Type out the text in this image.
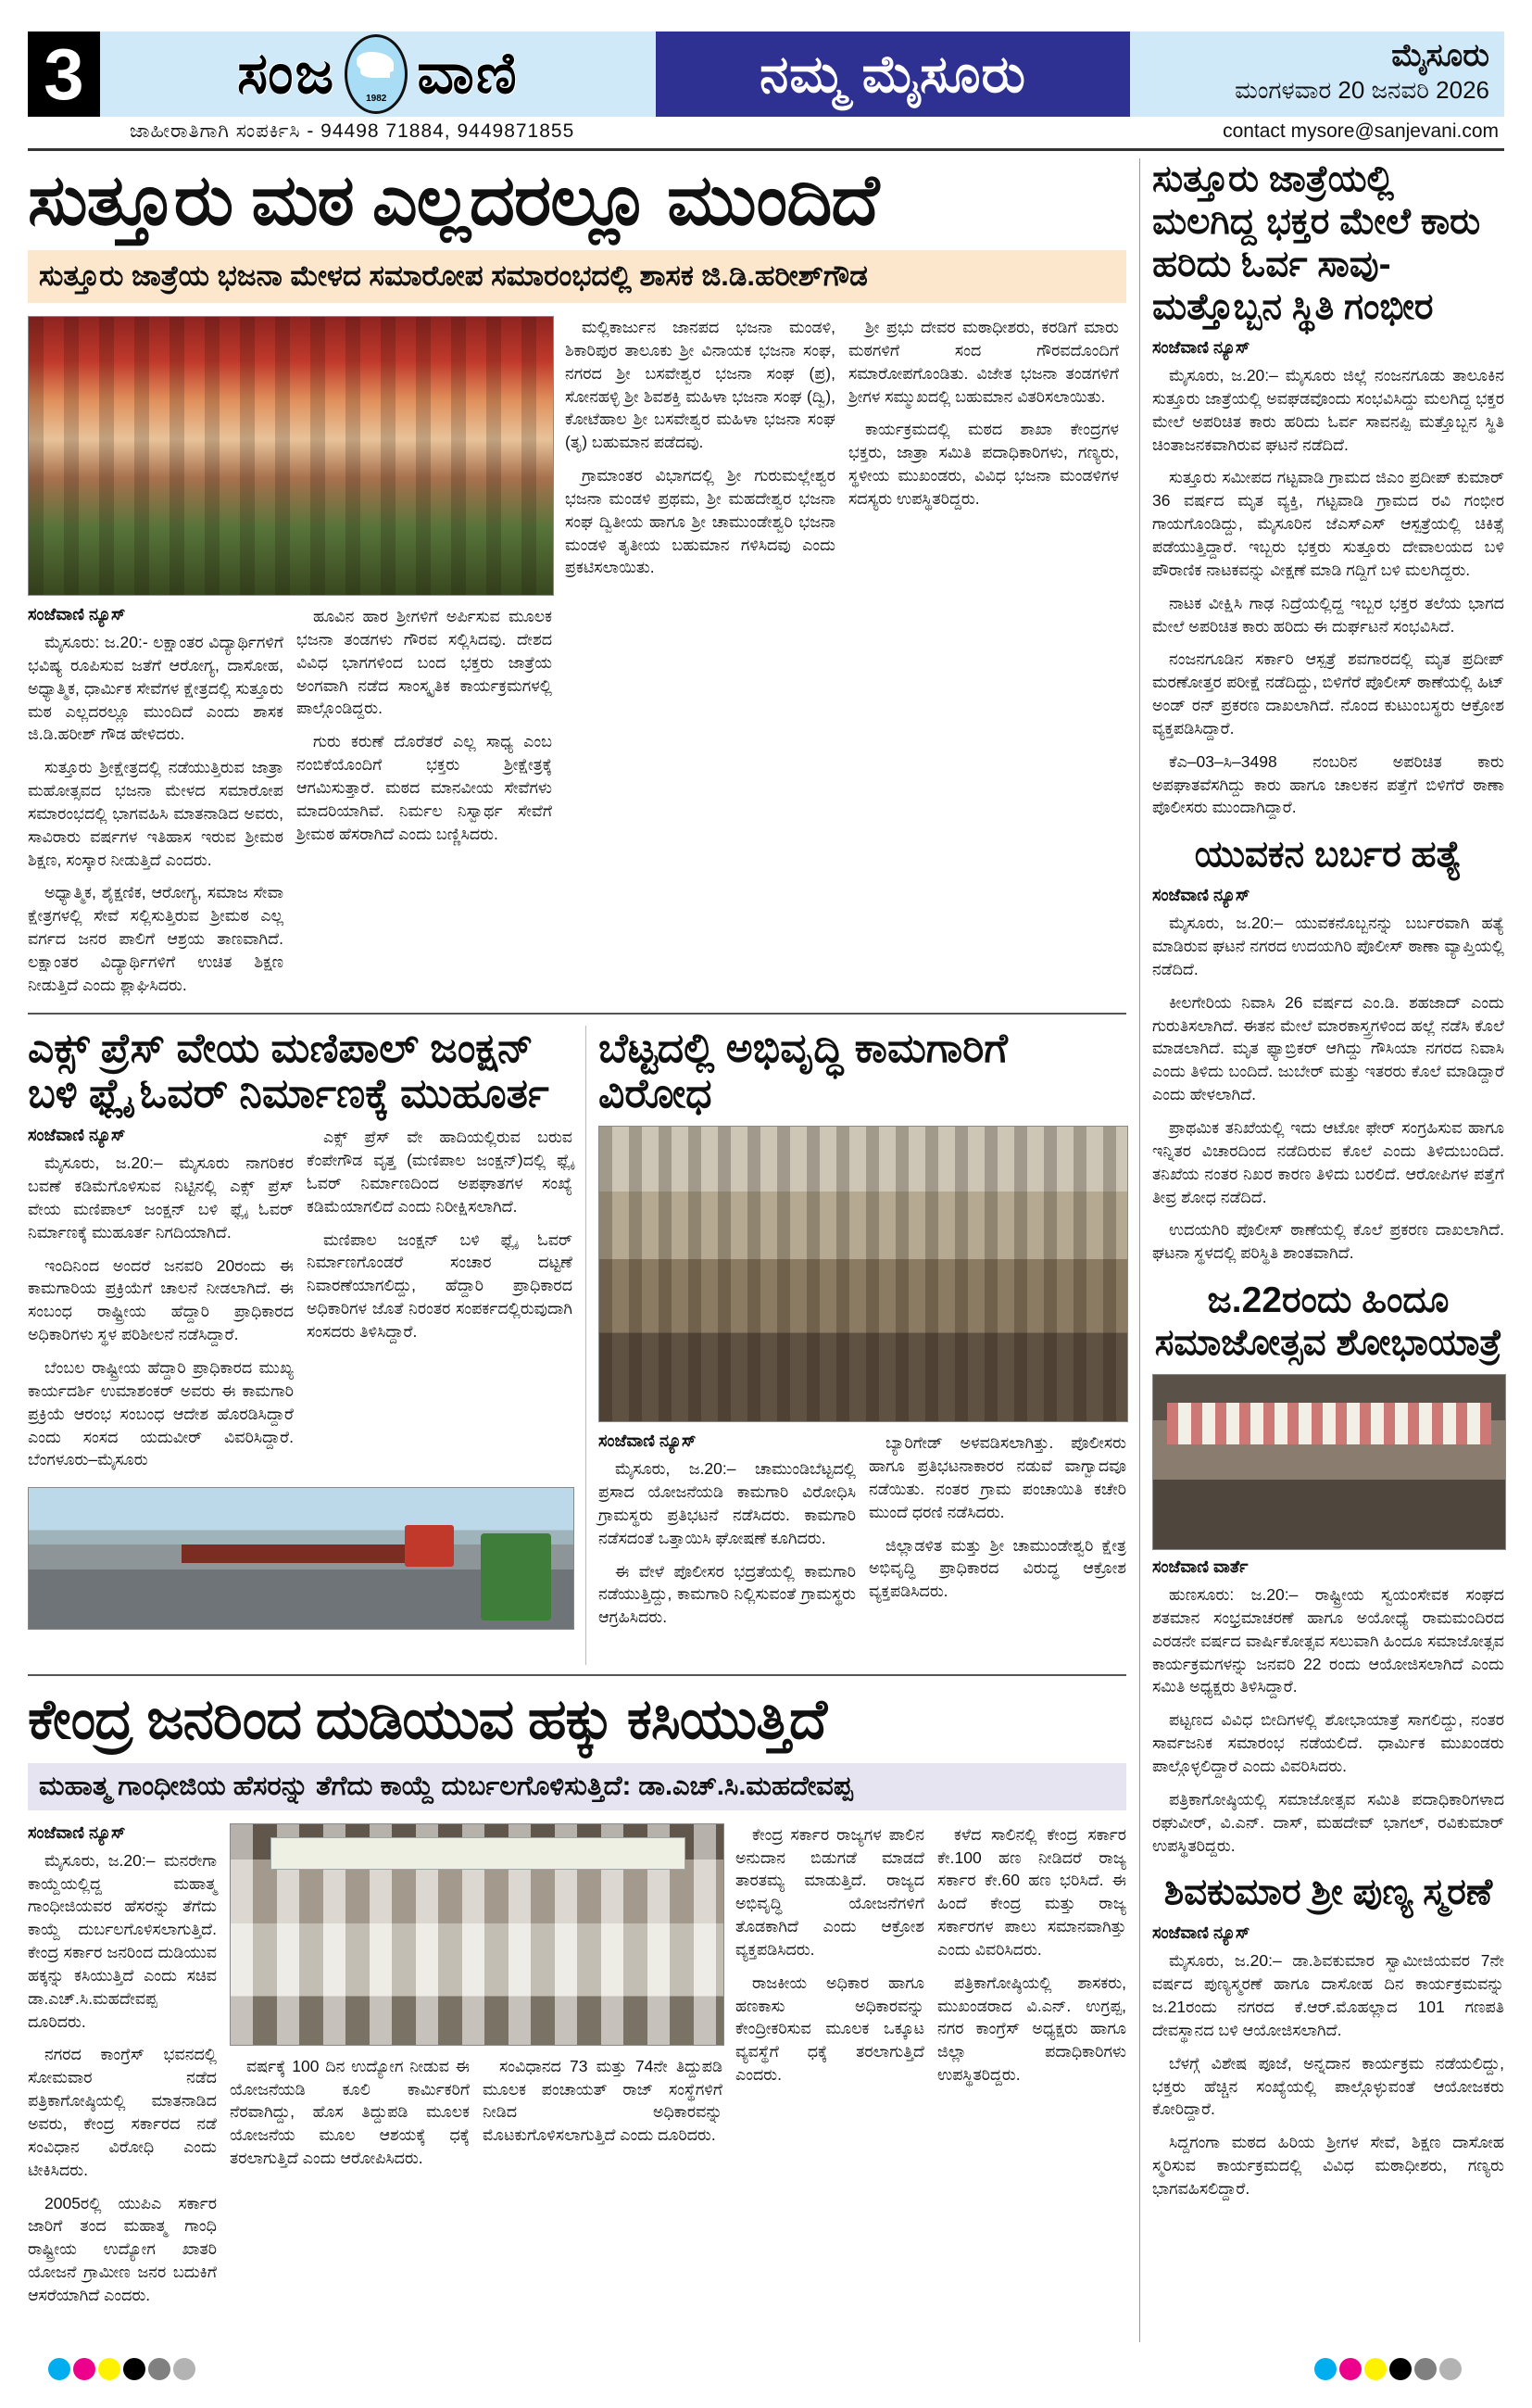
3	ಸಂಜ	1982 ವಾಣಿ	ನಮ್ಮ ಮೈಸೂರು	ಮೈಸೂರು
ಮಂಗಳವಾರ 20 ಜನವರಿ 2026
ಜಾಹೀರಾತಿಗಾಗಿ ಸಂಪರ್ಕಿಸಿ - 94498 71884, 9449871855	contact mysore@sanjevani.com
ಸುತ್ತೂರು ಮಠ ಎಲ್ಲದರಲ್ಲೂ ಮುಂದಿದೆ
ಸುತ್ತೂರು ಜಾತ್ರೆಯ ಭಜನಾ ಮೇಳದ ಸಮಾರೋಪ ಸಮಾರಂಭದಲ್ಲಿ ಶಾಸಕ ಜಿ.ಡಿ.ಹರೀಶ್‌ಗೌಡ
ಸಂಜೆವಾಣಿ ನ್ಯೂಸ್

ಮೈಸೂರು: ಜ.20:- ಲಕ್ಷಾಂತರ ವಿದ್ಯಾರ್ಥಿಗಳಿಗೆ ಭವಿಷ್ಯ ರೂಪಿಸುವ ಜತೆಗೆ ಆರೋಗ್ಯ, ದಾಸೋಹ, ಅಧ್ಯಾತ್ಮಿಕ, ಧಾರ್ಮಿಕ ಸೇವೆಗಳ ಕ್ಷೇತ್ರದಲ್ಲಿ ಸುತ್ತೂರು ಮಠ ಎಲ್ಲದರಲ್ಲೂ ಮುಂದಿದೆ ಎಂದು ಶಾಸಕ ಜಿ.ಡಿ.ಹರೀಶ್ ಗೌಡ ಹೇಳಿದರು.

ಸುತ್ತೂರು ಶ್ರೀಕ್ಷೇತ್ರದಲ್ಲಿ ನಡೆಯುತ್ತಿರುವ ಜಾತ್ರಾ ಮಹೋತ್ಸವದ ಭಜನಾ ಮೇಳದ ಸಮಾರೋಪ ಸಮಾರಂಭದಲ್ಲಿ ಭಾಗವಹಿಸಿ ಮಾತನಾಡಿದ ಅವರು, ಸಾವಿರಾರು ವರ್ಷಗಳ ಇತಿಹಾಸ ಇರುವ ಶ್ರೀಮಠ ಶಿಕ್ಷಣ, ಸಂಸ್ಕಾರ ನೀಡುತ್ತಿದೆ ಎಂದರು.

ಅಧ್ಯಾತ್ಮಿಕ, ಶೈಕ್ಷಣಿಕ, ಆರೋಗ್ಯ, ಸಮಾಜ ಸೇವಾ ಕ್ಷೇತ್ರಗಳಲ್ಲಿ ಸೇವೆ ಸಲ್ಲಿಸುತ್ತಿರುವ ಶ್ರೀಮಠ ಎಲ್ಲ ವರ್ಗದ ಜನರ ಪಾಲಿಗೆ ಆಶ್ರಯ ತಾಣವಾಗಿದೆ. ಲಕ್ಷಾಂತರ ವಿದ್ಯಾರ್ಥಿಗಳಿಗೆ ಉಚಿತ ಶಿಕ್ಷಣ ನೀಡುತ್ತಿದೆ ಎಂದು ಶ್ಲಾಘಿಸಿದರು.

ಹೂವಿನ ಹಾರ ಶ್ರೀಗಳಿಗೆ ಅರ್ಪಿಸುವ ಮೂಲಕ ಭಜನಾ ತಂಡಗಳು ಗೌರವ ಸಲ್ಲಿಸಿದವು. ದೇಶದ ವಿವಿಧ ಭಾಗಗಳಿಂದ ಬಂದ ಭಕ್ತರು ಜಾತ್ರೆಯ ಅಂಗವಾಗಿ ನಡೆದ ಸಾಂಸ್ಕೃತಿಕ ಕಾರ್ಯಕ್ರಮಗಳಲ್ಲಿ ಪಾಲ್ಗೊಂಡಿದ್ದರು.

ಗುರು ಕರುಣೆ ದೊರೆತರೆ ಎಲ್ಲ ಸಾಧ್ಯ ಎಂಬ ನಂಬಿಕೆಯೊಂದಿಗೆ ಭಕ್ತರು ಶ್ರೀಕ್ಷೇತ್ರಕ್ಕೆ ಆಗಮಿಸುತ್ತಾರೆ. ಮಠದ ಮಾನವೀಯ ಸೇವೆಗಳು ಮಾದರಿಯಾಗಿವೆ. ನಿರ್ಮಲ ನಿಸ್ವಾರ್ಥ ಸೇವೆಗೆ ಶ್ರೀಮಠ ಹೆಸರಾಗಿದೆ ಎಂದು ಬಣ್ಣಿಸಿದರು.

ಮಲ್ಲಿಕಾರ್ಜುನ ಜಾನಪದ ಭಜನಾ ಮಂಡಳಿ, ಶಿಕಾರಿಪುರ ತಾಲೂಕು ಶ್ರೀ ವಿನಾಯಕ ಭಜನಾ ಸಂಘ, ನಗರದ ಶ್ರೀ ಬಸವೇಶ್ವರ ಭಜನಾ ಸಂಘ (ಪ್ರ), ಸೋನಹಳ್ಳಿ ಶ್ರೀ ಶಿವಶಕ್ತಿ ಮಹಿಳಾ ಭಜನಾ ಸಂಘ (ದ್ವಿ), ಕೋಟೆಹಾಲ ಶ್ರೀ ಬಸವೇಶ್ವರ ಮಹಿಳಾ ಭಜನಾ ಸಂಘ (ತೃ) ಬಹುಮಾನ ಪಡೆದವು.

ಗ್ರಾಮಾಂತರ ವಿಭಾಗದಲ್ಲಿ ಶ್ರೀ ಗುರುಮಲ್ಲೇಶ್ವರ ಭಜನಾ ಮಂಡಳಿ ಪ್ರಥಮ, ಶ್ರೀ ಮಹದೇಶ್ವರ ಭಜನಾ ಸಂಘ ದ್ವಿತೀಯ ಹಾಗೂ ಶ್ರೀ ಚಾಮುಂಡೇಶ್ವರಿ ಭಜನಾ ಮಂಡಳಿ ತೃತೀಯ ಬಹುಮಾನ ಗಳಿಸಿದವು ಎಂದು ಪ್ರಕಟಿಸಲಾಯಿತು.

ಶ್ರೀ ಪ್ರಭು ದೇವರ ಮಠಾಧೀಶರು, ಕರಡಿಗೆ ಮಾರು ಮಠಗಳಿಗೆ ಸಂದ ಗೌರವದೊಂದಿಗೆ ಸಮಾರೋಪಗೊಂಡಿತು. ವಿಜೇತ ಭಜನಾ ತಂಡಗಳಿಗೆ ಶ್ರೀಗಳ ಸಮ್ಮುಖದಲ್ಲಿ ಬಹುಮಾನ ವಿತರಿಸಲಾಯಿತು.

ಕಾರ್ಯಕ್ರಮದಲ್ಲಿ ಮಠದ ಶಾಖಾ ಕೇಂದ್ರಗಳ ಭಕ್ತರು, ಜಾತ್ರಾ ಸಮಿತಿ ಪದಾಧಿಕಾರಿಗಳು, ಗಣ್ಯರು, ಸ್ಥಳೀಯ ಮುಖಂಡರು, ವಿವಿಧ ಭಜನಾ ಮಂಡಳಿಗಳ ಸದಸ್ಯರು ಉಪಸ್ಥಿತರಿದ್ದರು.

ಎಕ್ಸ್ ಪ್ರೆಸ್ ವೇಯ ಮಣಿಪಾಲ್ ಜಂಕ್ಷನ್ ಬಳಿ ಫ್ಲೈ ಓವರ್ ನಿರ್ಮಾಣಕ್ಕೆ ಮುಹೂರ್ತ
ಸಂಜೆವಾಣಿ ನ್ಯೂಸ್

ಮೈಸೂರು, ಜ.20:– ಮೈಸೂರು ನಾಗರಿಕರ ಬವಣೆ ಕಡಿಮೆಗೊಳಿಸುವ ನಿಟ್ಟಿನಲ್ಲಿ ಎಕ್ಸ್ ಪ್ರೆಸ್ ವೇಯ ಮಣಿಪಾಲ್ ಜಂಕ್ಷನ್ ಬಳಿ ಫ್ಲೈ ಓವರ್ ನಿರ್ಮಾಣಕ್ಕೆ ಮುಹೂರ್ತ ನಿಗದಿಯಾಗಿದೆ.

ಇಂದಿನಿಂದ ಅಂದರೆ ಜನವರಿ 20ರಂದು ಈ ಕಾಮಗಾರಿಯ ಪ್ರಕ್ರಿಯೆಗೆ ಚಾಲನೆ ನೀಡಲಾಗಿದೆ. ಈ ಸಂಬಂಧ ರಾಷ್ಟ್ರೀಯ ಹೆದ್ದಾರಿ ಪ್ರಾಧಿಕಾರದ ಅಧಿಕಾರಿಗಳು ಸ್ಥಳ ಪರಿಶೀಲನೆ ನಡೆಸಿದ್ದಾರೆ.

ಬೆಂಬಲ ರಾಷ್ಟ್ರೀಯ ಹೆದ್ದಾರಿ ಪ್ರಾಧಿಕಾರದ ಮುಖ್ಯ ಕಾರ್ಯದರ್ಶಿ ಉಮಾಶಂಕರ್ ಅವರು ಈ ಕಾಮಗಾರಿ ಪ್ರಕ್ರಿಯೆ ಆರಂಭ ಸಂಬಂಧ ಆದೇಶ ಹೊರಡಿಸಿದ್ದಾರೆ ಎಂದು ಸಂಸದ ಯದುವೀರ್ ವಿವರಿಸಿದ್ದಾರೆ. ಬೆಂಗಳೂರು–ಮೈಸೂರು

ಎಕ್ಸ್ ಪ್ರೆಸ್ ವೇ ಹಾದಿಯಲ್ಲಿರುವ ಬರುವ ಕೆಂಪೇಗೌಡ ವೃತ್ತ (ಮಣಿಪಾಲ ಜಂಕ್ಷನ್)ದಲ್ಲಿ ಫ್ಲೈ ಓವರ್ ನಿರ್ಮಾಣದಿಂದ ಅಪಘಾತಗಳ ಸಂಖ್ಯೆ ಕಡಿಮೆಯಾಗಲಿದೆ ಎಂದು ನಿರೀಕ್ಷಿಸಲಾಗಿದೆ.

ಮಣಿಪಾಲ ಜಂಕ್ಷನ್ ಬಳಿ ಫ್ಲೈ ಓವರ್ ನಿರ್ಮಾಣಗೊಂಡರೆ ಸಂಚಾರ ದಟ್ಟಣೆ ನಿವಾರಣೆಯಾಗಲಿದ್ದು, ಹೆದ್ದಾರಿ ಪ್ರಾಧಿಕಾರದ ಅಧಿಕಾರಿಗಳ ಜೊತೆ ನಿರಂತರ ಸಂಪರ್ಕದಲ್ಲಿರುವುದಾಗಿ ಸಂಸದರು ತಿಳಿಸಿದ್ದಾರೆ.

ಬೆಟ್ಟದಲ್ಲಿ ಅಭಿವೃದ್ಧಿ ಕಾಮಗಾರಿಗೆ ವಿರೋಧ
ಸಂಜೆವಾಣಿ ನ್ಯೂಸ್

ಮೈಸೂರು, ಜ.20:– ಚಾಮುಂಡಿಬೆಟ್ಟದಲ್ಲಿ ಪ್ರಸಾದ ಯೋಜನೆಯಡಿ ಕಾಮಗಾರಿ ವಿರೋಧಿಸಿ ಗ್ರಾಮಸ್ಥರು ಪ್ರತಿಭಟನೆ ನಡೆಸಿದರು. ಕಾಮಗಾರಿ ನಡೆಸದಂತೆ ಒತ್ತಾಯಿಸಿ ಘೋಷಣೆ ಕೂಗಿದರು.

ಈ ವೇಳೆ ಪೊಲೀಸರ ಭದ್ರತೆಯಲ್ಲಿ ಕಾಮಗಾರಿ ನಡೆಯುತ್ತಿದ್ದು, ಕಾಮಗಾರಿ ನಿಲ್ಲಿಸುವಂತೆ ಗ್ರಾಮಸ್ಥರು ಆಗ್ರಹಿಸಿದರು.

ಬ್ಯಾರಿಗೇಡ್ ಅಳವಡಿಸಲಾಗಿತ್ತು. ಪೊಲೀಸರು ಹಾಗೂ ಪ್ರತಿಭಟನಾಕಾರರ ನಡುವೆ ವಾಗ್ವಾದವೂ ನಡೆಯಿತು. ನಂತರ ಗ್ರಾಮ ಪಂಚಾಯಿತಿ ಕಚೇರಿ ಮುಂದೆ ಧರಣಿ ನಡೆಸಿದರು.

ಜಿಲ್ಲಾಡಳಿತ ಮತ್ತು ಶ್ರೀ ಚಾಮುಂಡೇಶ್ವರಿ ಕ್ಷೇತ್ರ ಅಭಿವೃದ್ಧಿ ಪ್ರಾಧಿಕಾರದ ವಿರುದ್ಧ ಆಕ್ರೋಶ ವ್ಯಕ್ತಪಡಿಸಿದರು.

ಕೇಂದ್ರ ಜನರಿಂದ ದುಡಿಯುವ ಹಕ್ಕು ಕಸಿಯುತ್ತಿದೆ
ಮಹಾತ್ಮ ಗಾಂಧೀಜಿಯ ಹೆಸರನ್ನು ತೆಗೆದು ಕಾಯ್ದೆ ದುರ್ಬಲಗೊಳಿಸುತ್ತಿದೆ: ಡಾ.ಎಚ್.ಸಿ.ಮಹದೇವಪ್ಪ
ಸಂಜೆವಾಣಿ ನ್ಯೂಸ್

ಮೈಸೂರು, ಜ.20:– ಮನರೇಗಾ ಕಾಯ್ದೆಯಲ್ಲಿದ್ದ ಮಹಾತ್ಮ ಗಾಂಧೀಜಿಯವರ ಹೆಸರನ್ನು ತೆಗೆದು ಕಾಯ್ದೆ ದುರ್ಬಲಗೊಳಿಸಲಾಗುತ್ತಿದೆ. ಕೇಂದ್ರ ಸರ್ಕಾರ ಜನರಿಂದ ದುಡಿಯುವ ಹಕ್ಕನ್ನು ಕಸಿಯುತ್ತಿದೆ ಎಂದು ಸಚಿವ ಡಾ.ಎಚ್.ಸಿ.ಮಹದೇವಪ್ಪ ದೂರಿದರು.

ನಗರದ ಕಾಂಗ್ರೆಸ್ ಭವನದಲ್ಲಿ ಸೋಮವಾರ ನಡೆದ ಪತ್ರಿಕಾಗೋಷ್ಠಿಯಲ್ಲಿ ಮಾತನಾಡಿದ ಅವರು, ಕೇಂದ್ರ ಸರ್ಕಾರದ ನಡೆ ಸಂವಿಧಾನ ವಿರೋಧಿ ಎಂದು ಟೀಕಿಸಿದರು.

2005ರಲ್ಲಿ ಯುಪಿಎ ಸರ್ಕಾರ ಜಾರಿಗೆ ತಂದ ಮಹಾತ್ಮ ಗಾಂಧಿ ರಾಷ್ಟ್ರೀಯ ಉದ್ಯೋಗ ಖಾತರಿ ಯೋಜನೆ ಗ್ರಾಮೀಣ ಜನರ ಬದುಕಿಗೆ ಆಸರೆಯಾಗಿದೆ ಎಂದರು.

ವರ್ಷಕ್ಕೆ 100 ದಿನ ಉದ್ಯೋಗ ನೀಡುವ ಈ ಯೋಜನೆಯಡಿ ಕೂಲಿ ಕಾರ್ಮಿಕರಿಗೆ ನೆರವಾಗಿದ್ದು, ಹೊಸ ತಿದ್ದುಪಡಿ ಮೂಲಕ ಯೋಜನೆಯ ಮೂಲ ಆಶಯಕ್ಕೆ ಧಕ್ಕೆ ತರಲಾಗುತ್ತಿದೆ ಎಂದು ಆರೋಪಿಸಿದರು.

ಸಂವಿಧಾನದ 73 ಮತ್ತು 74ನೇ ತಿದ್ದುಪಡಿ ಮೂಲಕ ಪಂಚಾಯತ್ ರಾಜ್ ಸಂಸ್ಥೆಗಳಿಗೆ ನೀಡಿದ ಅಧಿಕಾರವನ್ನು ಮೊಟಕುಗೊಳಿಸಲಾಗುತ್ತಿದೆ ಎಂದು ದೂರಿದರು.

ಕೇಂದ್ರ ಸರ್ಕಾರ ರಾಜ್ಯಗಳ ಪಾಲಿನ ಅನುದಾನ ಬಿಡುಗಡೆ ಮಾಡದೆ ತಾರತಮ್ಯ ಮಾಡುತ್ತಿದೆ. ರಾಜ್ಯದ ಅಭಿವೃದ್ಧಿ ಯೋಜನೆಗಳಿಗೆ ತೊಡಕಾಗಿದೆ ಎಂದು ಆಕ್ರೋಶ ವ್ಯಕ್ತಪಡಿಸಿದರು.

ರಾಜಕೀಯ ಅಧಿಕಾರ ಹಾಗೂ ಹಣಕಾಸು ಅಧಿಕಾರವನ್ನು ಕೇಂದ್ರೀಕರಿಸುವ ಮೂಲಕ ಒಕ್ಕೂಟ ವ್ಯವಸ್ಥೆಗೆ ಧಕ್ಕೆ ತರಲಾಗುತ್ತಿದೆ ಎಂದರು.

ಕಳೆದ ಸಾಲಿನಲ್ಲಿ ಕೇಂದ್ರ ಸರ್ಕಾರ ಕೇ.100 ಹಣ ನೀಡಿದರೆ ರಾಜ್ಯ ಸರ್ಕಾರ ಕೇ.60 ಹಣ ಭರಿಸಿದೆ. ಈ ಹಿಂದೆ ಕೇಂದ್ರ ಮತ್ತು ರಾಜ್ಯ ಸರ್ಕಾರಗಳ ಪಾಲು ಸಮಾನವಾಗಿತ್ತು ಎಂದು ವಿವರಿಸಿದರು.

ಪತ್ರಿಕಾಗೋಷ್ಠಿಯಲ್ಲಿ ಶಾಸಕರು, ಮುಖಂಡರಾದ ವಿ.ಎನ್. ಉಗ್ರಪ್ಪ, ನಗರ ಕಾಂಗ್ರೆಸ್ ಅಧ್ಯಕ್ಷರು ಹಾಗೂ ಜಿಲ್ಲಾ ಪದಾಧಿಕಾರಿಗಳು ಉಪಸ್ಥಿತರಿದ್ದರು.

ಸುತ್ತೂರು ಜಾತ್ರೆಯಲ್ಲಿ ಮಲಗಿದ್ದ ಭಕ್ತರ ಮೇಲೆ ಕಾರು ಹರಿದು ಓರ್ವ ಸಾವು- ಮತ್ತೊಬ್ಬನ ಸ್ಥಿತಿ ಗಂಭೀರ
ಸಂಜೆವಾಣಿ ನ್ಯೂಸ್

ಮೈಸೂರು, ಜ.20:– ಮೈಸೂರು ಜಿಲ್ಲೆ ನಂಜನಗೂಡು ತಾಲೂಕಿನ ಸುತ್ತೂರು ಜಾತ್ರೆಯಲ್ಲಿ ಅವಘಡವೊಂದು ಸಂಭವಿಸಿದ್ದು ಮಲಗಿದ್ದ ಭಕ್ತರ ಮೇಲೆ ಅಪರಿಚಿತ ಕಾರು ಹರಿದು ಓರ್ವ ಸಾವನಪ್ಪಿ ಮತ್ತೊಬ್ಬನ ಸ್ಥಿತಿ ಚಿಂತಾಜನಕವಾಗಿರುವ ಘಟನೆ ನಡೆದಿದೆ.

ಸುತ್ತೂರು ಸಮೀಪದ ಗಟ್ಟವಾಡಿ ಗ್ರಾಮದ ಜಿಎಂ ಪ್ರದೀಪ್ ಕುಮಾರ್ 36 ವರ್ಷದ ಮೃತ ವ್ಯಕ್ತಿ, ಗಟ್ಟವಾಡಿ ಗ್ರಾಮದ ರವಿ ಗಂಭೀರ ಗಾಯಗೊಂಡಿದ್ದು, ಮೈಸೂರಿನ ಜೆಎಸ್‌ಎಸ್ ಆಸ್ಪತ್ರೆಯಲ್ಲಿ ಚಿಕಿತ್ಸೆ ಪಡೆಯುತ್ತಿದ್ದಾರೆ. ಇಬ್ಬರು ಭಕ್ತರು ಸುತ್ತೂರು ದೇವಾಲಯದ ಬಳಿ ಪೌರಾಣಿಕ ನಾಟಕವನ್ನು ವೀಕ್ಷಣೆ ಮಾಡಿ ಗದ್ದಿಗೆ ಬಳಿ ಮಲಗಿದ್ದರು.

ನಾಟಕ ವೀಕ್ಷಿಸಿ ಗಾಢ ನಿದ್ರೆಯಲ್ಲಿದ್ದ ಇಬ್ಬರ ಭಕ್ತರ ತಲೆಯ ಭಾಗದ ಮೇಲೆ ಅಪರಿಚಿತ ಕಾರು ಹರಿದು ಈ ದುರ್ಘಟನೆ ಸಂಭವಿಸಿದೆ.

ನಂಜನಗೂಡಿನ ಸರ್ಕಾರಿ ಆಸ್ಪತ್ರೆ ಶವಗಾರದಲ್ಲಿ ಮೃತ ಪ್ರದೀಪ್ ಮರಣೋತ್ತರ ಪರೀಕ್ಷೆ ನಡೆದಿದ್ದು, ಬಿಳಿಗೆರೆ ಪೊಲೀಸ್ ಠಾಣೆಯಲ್ಲಿ ಹಿಟ್ ಅಂಡ್ ರನ್ ಪ್ರಕರಣ ದಾಖಲಾಗಿದೆ. ನೊಂದ ಕುಟುಂಬಸ್ಥರು ಆಕ್ರೋಶ ವ್ಯಕ್ತಪಡಿಸಿದ್ದಾರೆ.

ಕೆಎ–03–ಸಿ–3498 ನಂಬರಿನ ಅಪರಿಚಿತ ಕಾರು ಅಪಘಾತವೆಸಗಿದ್ದು ಕಾರು ಹಾಗೂ ಚಾಲಕನ ಪತ್ತೆಗೆ ಬಿಳಿಗೆರೆ ಠಾಣಾ ಪೊಲೀಸರು ಮುಂದಾಗಿದ್ದಾರೆ.

ಯುವಕನ ಬರ್ಬರ ಹತ್ಯೆ
ಸಂಜೆವಾಣಿ ನ್ಯೂಸ್

ಮೈಸೂರು, ಜ.20:– ಯುವಕನೊಬ್ಬನನ್ನು ಬರ್ಬರವಾಗಿ ಹತ್ಯೆ ಮಾಡಿರುವ ಘಟನೆ ನಗರದ ಉದಯಗಿರಿ ಪೊಲೀಸ್ ಠಾಣಾ ವ್ಯಾಪ್ತಿಯಲ್ಲಿ ನಡೆದಿದೆ.

ಕೀಲಗೇರಿಯ ನಿವಾಸಿ 26 ವರ್ಷದ ಎಂ.ಡಿ. ಶಹಜಾದ್ ಎಂದು ಗುರುತಿಸಲಾಗಿದೆ. ಈತನ ಮೇಲೆ ಮಾರಕಾಸ್ತ್ರಗಳಿಂದ ಹಲ್ಲೆ ನಡೆಸಿ ಕೊಲೆ ಮಾಡಲಾಗಿದೆ. ಮೃತ ಫ್ಯಾಬ್ರಿಕರ್ ಆಗಿದ್ದು ಗೌಸಿಯಾ ನಗರದ ನಿವಾಸಿ ಎಂದು ತಿಳಿದು ಬಂದಿದೆ. ಜುಬೇರ್ ಮತ್ತು ಇತರರು ಕೊಲೆ ಮಾಡಿದ್ದಾರೆ ಎಂದು ಹೇಳಲಾಗಿದೆ.

ಪ್ರಾಥಮಿಕ ತನಿಖೆಯಲ್ಲಿ ಇದು ಆಟೋ ಫೇರ್ ಸಂಗ್ರಹಿಸುವ ಹಾಗೂ ಇನ್ನಿತರ ವಿಚಾರದಿಂದ ನಡೆದಿರುವ ಕೊಲೆ ಎಂದು ತಿಳಿದುಬಂದಿದೆ. ತನಿಖೆಯ ನಂತರ ನಿಖರ ಕಾರಣ ತಿಳಿದು ಬರಲಿದೆ. ಆರೋಪಿಗಳ ಪತ್ತೆಗೆ ತೀವ್ರ ಶೋಧ ನಡೆದಿದೆ.

ಉದಯಗಿರಿ ಪೊಲೀಸ್ ಠಾಣೆಯಲ್ಲಿ ಕೊಲೆ ಪ್ರಕರಣ ದಾಖಲಾಗಿದೆ. ಘಟನಾ ಸ್ಥಳದಲ್ಲಿ ಪರಿಸ್ಥಿತಿ ಶಾಂತವಾಗಿದೆ.

ಜ.22ರಂದು ಹಿಂದೂ ಸಮಾಜೋತ್ಸವ ಶೋಭಾಯಾತ್ರೆ
ಸಂಜೆವಾಣಿ ವಾರ್ತೆ

ಹುಣಸೂರು: ಜ.20:– ರಾಷ್ಟ್ರೀಯ ಸ್ವಯಂಸೇವಕ ಸಂಘದ ಶತಮಾನ ಸಂಭ್ರಮಾಚರಣೆ ಹಾಗೂ ಅಯೋಧ್ಯೆ ರಾಮಮಂದಿರದ ಎರಡನೇ ವರ್ಷದ ವಾರ್ಷಿಕೋತ್ಸವ ಸಲುವಾಗಿ ಹಿಂದೂ ಸಮಾಜೋತ್ಸವ ಕಾರ್ಯಕ್ರಮಗಳನ್ನು ಜನವರಿ 22 ರಂದು ಆಯೋಜಿಸಲಾಗಿದೆ ಎಂದು ಸಮಿತಿ ಅಧ್ಯಕ್ಷರು ತಿಳಿಸಿದ್ದಾರೆ.

ಪಟ್ಟಣದ ವಿವಿಧ ಬೀದಿಗಳಲ್ಲಿ ಶೋಭಾಯಾತ್ರೆ ಸಾಗಲಿದ್ದು, ನಂತರ ಸಾರ್ವಜನಿಕ ಸಮಾರಂಭ ನಡೆಯಲಿದೆ. ಧಾರ್ಮಿಕ ಮುಖಂಡರು ಪಾಲ್ಗೊಳ್ಳಲಿದ್ದಾರೆ ಎಂದು ವಿವರಿಸಿದರು.

ಪತ್ರಿಕಾಗೋಷ್ಠಿಯಲ್ಲಿ ಸಮಾಜೋತ್ಸವ ಸಮಿತಿ ಪದಾಧಿಕಾರಿಗಳಾದ ರಘುವೀರ್, ವಿ.ಎನ್. ದಾಸ್, ಮಹದೇವ್ ಭಾಗಲ್, ರವಿಕುಮಾರ್ ಉಪಸ್ಥಿತರಿದ್ದರು.

ಶಿವಕುಮಾರ ಶ್ರೀ ಪುಣ್ಯ ಸ್ಮರಣೆ
ಸಂಜೆವಾಣಿ ನ್ಯೂಸ್

ಮೈಸೂರು, ಜ.20:– ಡಾ.ಶಿವಕುಮಾರ ಸ್ವಾಮೀಜಿಯವರ 7ನೇ ವರ್ಷದ ಪುಣ್ಯಸ್ಮರಣೆ ಹಾಗೂ ದಾಸೋಹ ದಿನ ಕಾರ್ಯಕ್ರಮವನ್ನು ಜ.21ರಂದು ನಗರದ ಕೆ.ಆರ್.ಮೊಹಲ್ಲಾದ 101 ಗಣಪತಿ ದೇವಸ್ಥಾನದ ಬಳಿ ಆಯೋಜಿಸಲಾಗಿದೆ.

ಬೆಳಗ್ಗೆ ವಿಶೇಷ ಪೂಜೆ, ಅನ್ನದಾನ ಕಾರ್ಯಕ್ರಮ ನಡೆಯಲಿದ್ದು, ಭಕ್ತರು ಹೆಚ್ಚಿನ ಸಂಖ್ಯೆಯಲ್ಲಿ ಪಾಲ್ಗೊಳ್ಳುವಂತೆ ಆಯೋಜಕರು ಕೋರಿದ್ದಾರೆ.

ಸಿದ್ದಗಂಗಾ ಮಠದ ಹಿರಿಯ ಶ್ರೀಗಳ ಸೇವೆ, ಶಿಕ್ಷಣ ದಾಸೋಹ ಸ್ಮರಿಸುವ ಕಾರ್ಯಕ್ರಮದಲ್ಲಿ ವಿವಿಧ ಮಠಾಧೀಶರು, ಗಣ್ಯರು ಭಾಗವಹಿಸಲಿದ್ದಾರೆ.
